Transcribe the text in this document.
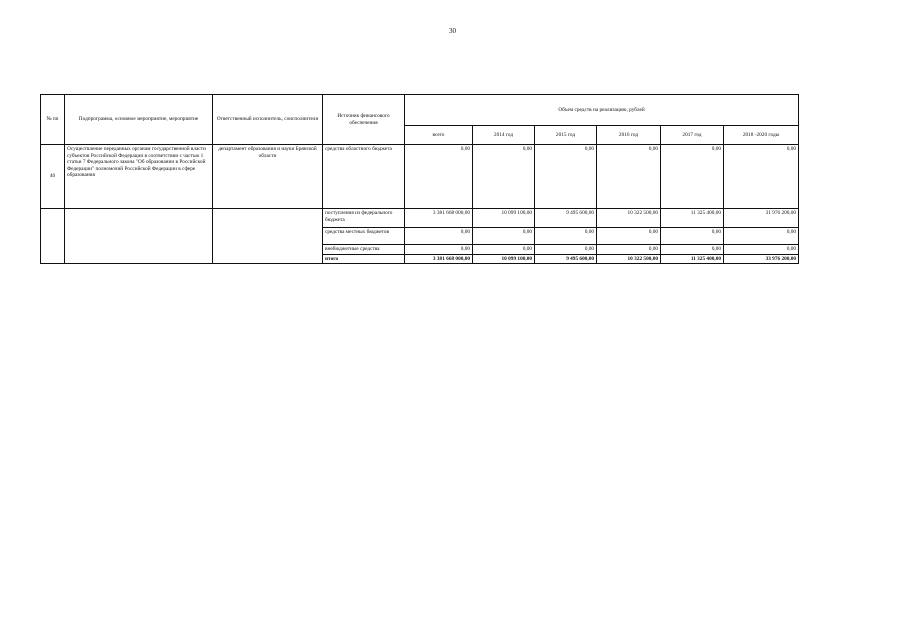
30
№ пп	Подпрограмма, основное мероприятие, мероприятие	Ответственный исполнитель, соисполнители	Источник финансового обеспечения	Объем средств на реализацию, рублей					
				всего	2014 год	2015 год	2016 год	2017 год	2018 -2020 годы
40	Осуществление переданных органам государственной власти субъектов Российской Федерации в соответствии с частью 1 статьи 7 Федерального закона "Об образовании в Российской Федерации" полномочий Российской Федерации в сфере образования	департамент образования и науки Брянской области	средства областного бюджета	0,00	0,00	0,00	0,00	0,00	0,00
			поступления из федерального бюджета	3 381 668 000,00	10 099 100,00	9 495 600,00	10 322 500,00	11 325 400,00	31 976 200,00
			средства местных бюджетов	0,00	0,00	0,00	0,00	0,00	0,00
			внебюджетные средства	0,00	0,00	0,00	0,00	0,00	0,00
			итого	3 381 668 000,00	10 099 100,00	9 495 600,00	10 322 500,00	11 325 400,00	33 976 200,00
